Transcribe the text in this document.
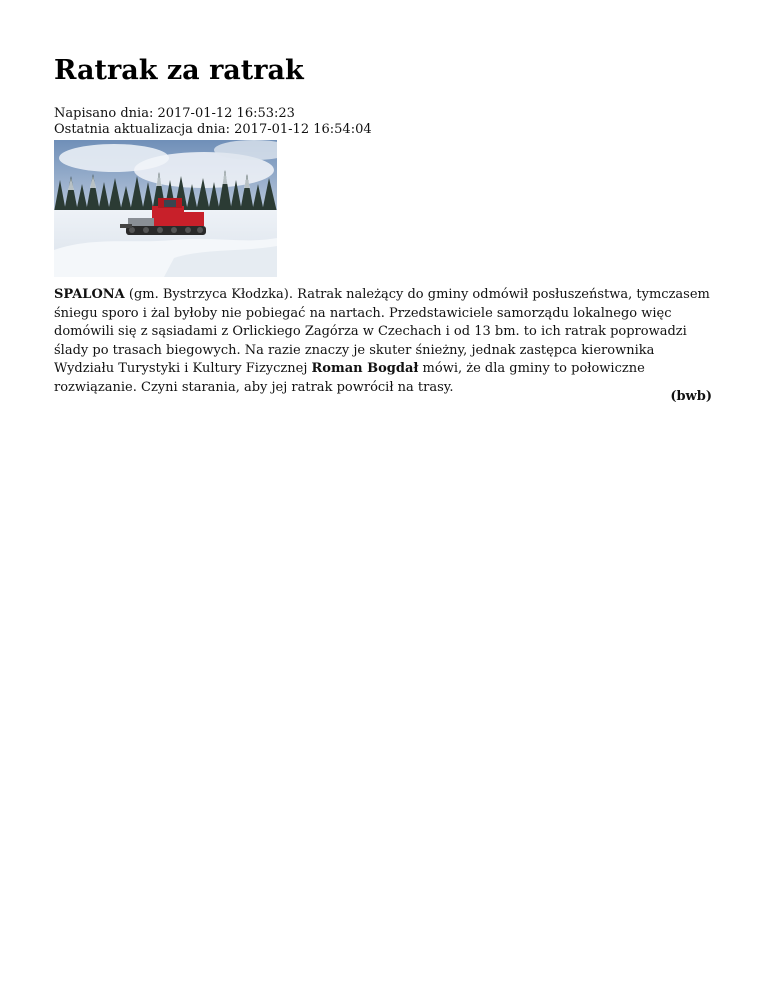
Ratrak za ratrak
Napisano dnia: 2017-01-12 16:53:23
Ostatnia aktualizacja dnia: 2017-01-12 16:54:04

SPALONA (gm. Bystrzyca Kłodzka). Ratrak należący do gminy odmówił posłuszeństwa, tymczasem śniegu sporo i żal byłoby nie pobiegać na nartach. Przedstawiciele samorządu lokalnego więc domówili się z sąsiadami z Orlickiego Zagórza w Czechach i od 13 bm. to ich ratrak poprowadzi ślady po trasach biegowych. Na razie znaczy je skuter śnieżny, jednak zastępca kierownika Wydziału Turystyki i Kultury Fizycznej Roman Bogdał mówi, że dla gminy to połowiczne rozwiązanie. Czyni starania, aby jej ratrak powrócił na trasy.

(bwb)
